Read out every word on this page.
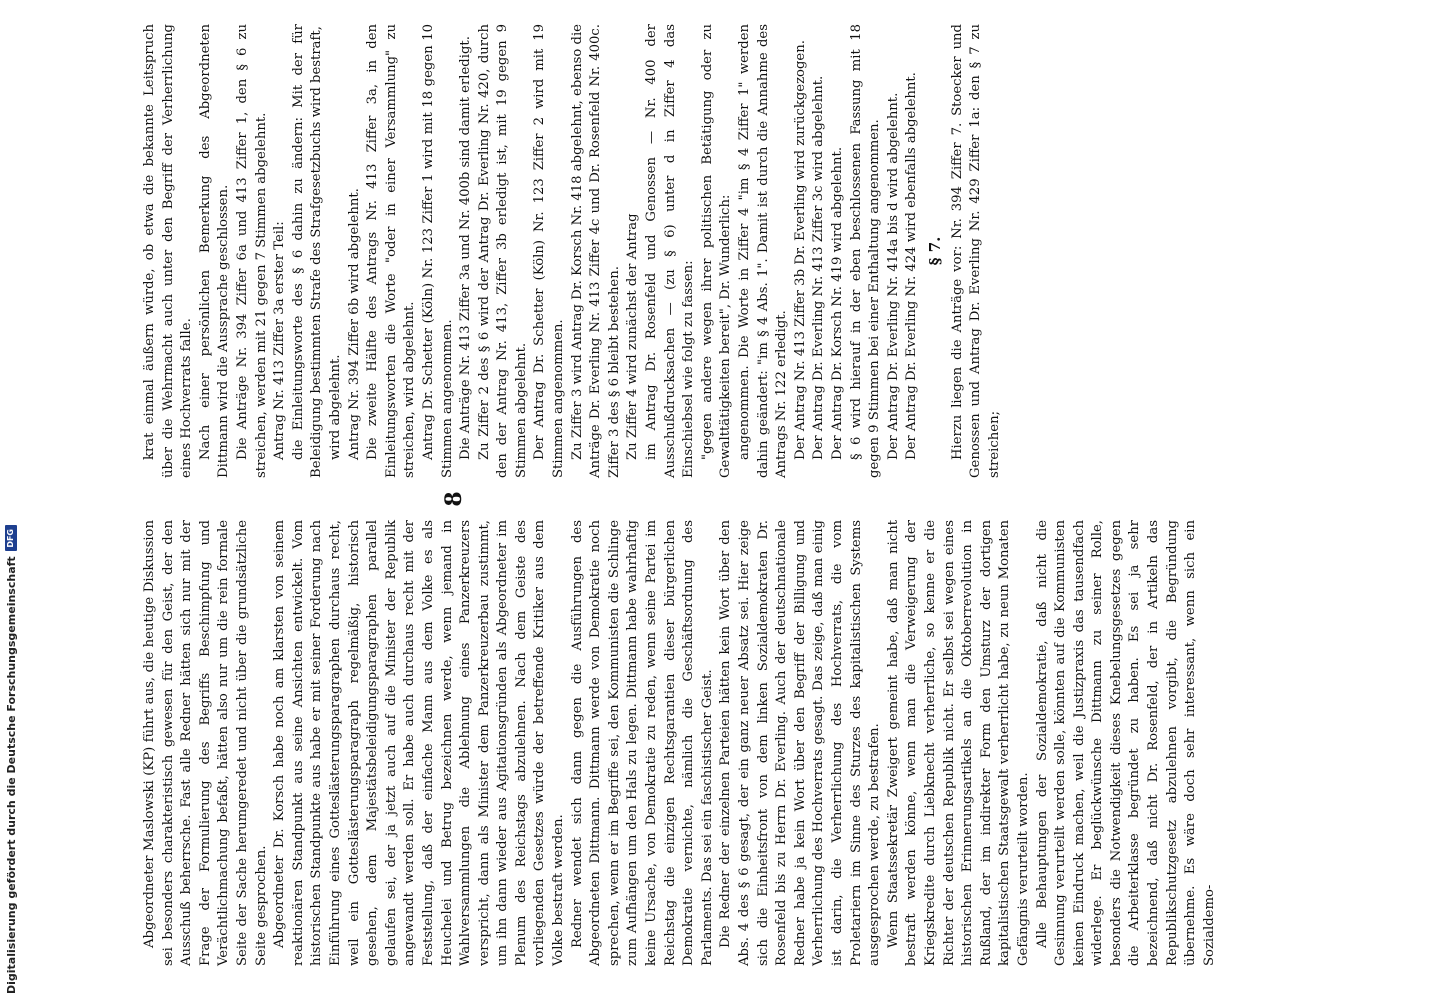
Digitalisierung gefördert durch die Deutsche Forschungsgemeinschaft
DFG	Abgeordneter Maslowski (KP) führt aus, die heutige Diskussion sei besonders charakteristisch gewesen für den Geist, der den Ausschuß beherrsche. Fast alle Redner hätten sich nur mit der Frage der Formulierung des Begriffs Beschimpfung und Verächtlichmachung befaßt, hätten also nur um die rein formale Seite der Sache herumgeredet und nicht über die grundsätzliche Seite gesprochen. Abgeordneter Dr. Korsch habe noch am klarsten von seinem reaktionären Standpunkt aus seine Ansichten entwickelt. Vom historischen Standpunkte aus habe er mit seiner Forderung nach Einführung eines Gotteslästerungsparagraphen durchaus recht, weil ein Gotteslästerungsparagraph regelmäßig, historisch gesehen, dem Majestätsbeleidigungsparagraphen parallel gelaufen sei, der ja jetzt auch auf die Minister der Republik angewandt werden soll. Er habe auch durchaus recht mit der Feststellung, daß der einfache Mann aus dem Volke es als Heuchelei und Betrug bezeichnen werde, wenn jemand in Wahlversammlungen die Ablehnung eines Panzerkreuzers verspricht, dann als Minister dem Panzerkreuzerbau zustimmt, um ihn dann wieder aus Agitationsgründen als Abgeordneter im Plenum des Reichstags abzulehnen. Nach dem Geiste des vorliegenden Gesetzes würde der betreffende Kritiker aus dem Volke bestraft werden. Redner wendet sich dann gegen die Ausführungen des Abgeordneten Dittmann. Dittmann werde von Demokratie noch sprechen, wenn er im Begriffe sei, den Kommunisten die Schlinge zum Aufhängen um den Hals zu legen. Dittmann habe wahrhaftig keine Ursache, von Demokratie zu reden, wenn seine Partei im Reichstag die einzigen Rechtsgarantien dieser bürgerlichen Demokratie vernichte, nämlich die Geschäftsordnung des Parlaments. Das sei ein faschistischer Geist. Die Redner der einzelnen Parteien hätten kein Wort über den Abs. 4 des § 6 gesagt, der ein ganz neuer Absatz sei. Hier zeige sich die Einheitsfront von dem linken Sozialdemokraten Dr. Rosenfeld bis zu Herrn Dr. Everling. Auch der deutschnationale Redner habe ja kein Wort über den Begriff der Billigung und Verherrlichung des Hochverrats gesagt. Das zeige, daß man einig ist darin, die Verherrlichung des Hochverrats, die vom Proletariern im Sinne des Sturzes des kapitalistischen Systems ausgesprochen werde, zu bestrafen. Wenn Staatssekretär Zweigert gemeint habe, daß man nicht bestraft werden könne, wenn man die Verweigerung der Kriegskredite durch Liebknecht verherrliche, so kenne er die Richter der deutschen Republik nicht. Er selbst sei wegen eines historischen Erinnerungsartikels an die Oktoberrevolution in Rußland, der im indirekter Form den Umsturz der dortigen kapitalistischen Staatsgewalt verherrlicht habe, zu neun Monaten Gefängnis verurteilt worden. Alle Behauptungen der Sozialdemokratie, daß nicht die Gesinnung verurteilt werden solle, könnten auf die Kommunisten keinen Eindruck machen, weil die Justizpraxis das tausendfach widerlege. Er beglückwünsche Dittmann zu seiner Rolle, besonders die Notwendigkeit dieses Knebelungsgesetzes gegen die Arbeiterklasse begründet zu haben. Es sei ja sehr bezeichnend, daß nicht Dr. Rosenfeld, der in Artikeln das Republikschutzgesetz abzulehnen vorgibt, die Begründung übernehme. Es wäre doch sehr interessant, wenn sich ein Sozialdemo-

8

krat einmal äußern würde, ob etwa die bekannte Leitspruch über die Wehrmacht auch unter den Begriff der Verherrlichung eines Hochverrats falle. Nach einer persönlichen Bemerkung des Abgeordneten Dittmann wird die Aussprache geschlossen. Die Anträge Nr. 394 Ziffer 6a und 413 Ziffer 1, den § 6 zu streichen, werden mit 21 gegen 7 Stimmen abgelehnt. Antrag Nr. 413 Ziffer 3a erster Teil: die Einleitungsworte des § 6 dahin zu ändern: Mit der für Beleidigung bestimmten Strafe des Strafgesetzbuchs wird bestraft, wird abgelehnt. Antrag Nr. 394 Ziffer 6b wird abgelehnt. Die zweite Hälfte des Antrags Nr. 413 Ziffer 3a, in den Einleitungsworten die Worte "oder in einer Versammlung" zu streichen, wird abgelehnt. Antrag Dr. Schetter (Köln) Nr. 123 Ziffer 1 wird mit 18 gegen 10 Stimmen angenommen. Die Anträge Nr. 413 Ziffer 3a und Nr. 400b sind damit erledigt. Zu Ziffer 2 des § 6 wird der Antrag Dr. Everling Nr. 420, durch den der Antrag Nr. 413, Ziffer 3b erledigt ist, mit 19 gegen 9 Stimmen abgelehnt. Der Antrag Dr. Schetter (Köln) Nr. 123 Ziffer 2 wird mit 19 Stimmen angenommen. Zu Ziffer 3 wird Antrag Dr. Korsch Nr. 418 abgelehnt, ebenso die Anträge Dr. Everling Nr. 413 Ziffer 4c und Dr. Rosenfeld Nr. 400c. Ziffer 3 des § 6 bleibt bestehen. Zu Ziffer 4 wird zunächst der Antrag im Antrag Dr. Rosenfeld und Genossen — Nr. 400 der Ausschußdrucksachen — (zu § 6) unter d in Ziffer 4 das Einschiebsel wie folgt zu fassen: "gegen andere wegen ihrer politischen Betätigung oder zu Gewalttätigkeiten bereit", Dr. Wunderlich: angenommen. Die Worte in Ziffer 4 "im § 4 Ziffer 1" werden dahin geändert: "im § 4 Abs. 1". Damit ist durch die Annahme des Antrags Nr. 122 erledigt. Der Antrag Nr. 413 Ziffer 3b Dr. Everling wird zurückgezogen. Der Antrag Dr. Everling Nr. 413 Ziffer 3c wird abgelehnt. Der Antrag Dr. Korsch Nr. 419 wird abgelehnt. § 6 wird hierauf in der eben beschlossenen Fassung mit 18 gegen 9 Stimmen bei einer Enthaltung angenommen. Der Antrag Dr. Everling Nr. 414a bis d wird abgelehnt. Der Antrag Dr. Everling Nr. 424 wird ebenfalls abgelehnt. § 7. Hierzu liegen die Anträge vor: Nr. 394 Ziffer 7. Stoecker und Genossen und Antrag Dr. Everling Nr. 429 Ziffer 1a: den § 7 zu streichen;
